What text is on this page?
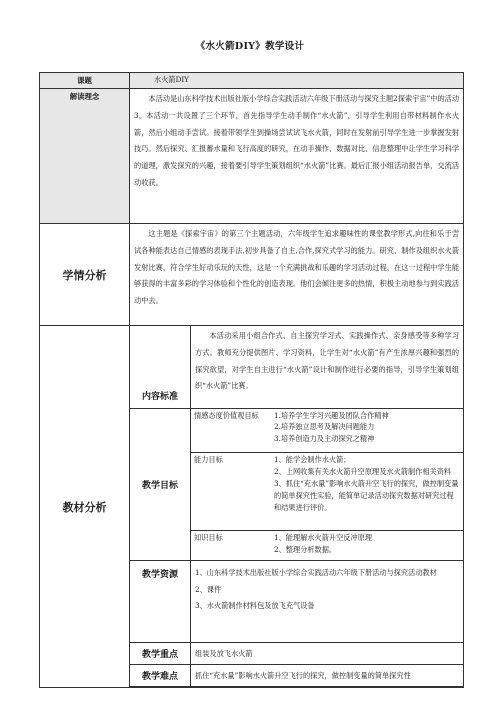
《水火箭DIY》教学设计
课题	水火箭DIY	
解读理念	本活动是山东科学技术出版社版小学综合实践活动六年级下册活动与探究主题2探索宇宙”中的活动3。本活动一共设置了三个环节，首先指导学生动手制作“水火箭”，引导学生利用自带材料制作水火箭，然后小组动手尝试。接着带领学生到操场尝试试飞水火箭，同时在发射前引导学生进一步掌握发射技巧。然后探究、汇报蓄水量和飞行高度的研究，在动手操作、数据对比、信息整理中让学生学习科学的道理，激发探究的兴趣，接着要引导学生策划组织“水火箭”比赛。最后汇报小组活动报告单，交流活动收获。	

学情分析	这主题是《探索宇宙》的第三个主题活动，六年级学生追求趣味性的课堂教学形式,向往和乐于尝试各种能表达自己情感的表现手法,初步具备了自主,合作,探究式学习的能力。研究、制作及组织水火箭发射比赛，符合学生好动乐玩的天性，这是一个充满挑战和乐趣的学习活动过程，在这一过程中学生能够获得的丰富多彩的学习体验和个性化的创造表现。他们会倾注更多的热情，积极主动地参与到实践活动中去。	

教材分析	内容标准	本活动采用小组合作式、自主探究学习式、实践操作式、亲身感受等多种学习方式。教师充分提供图片、学习资料，让学生对“水火箭”有产生浓厚兴趣和强烈的探究欲望，对学生自主进行“水火箭”设计和制作进行必要的指导，引导学生策划组织“水火箭”比赛。

	教学目标	情感态度价值观目标 1.培养学生学习兴趣及团队合作精神

2.培养独立思考及解决问题能力

3.培养创造力及主动探究之精神

		能力目标 1、能学会制作水火箭；

2、上网收集有关水火箭升空原理及水火箭制作相关资料

3、抓住“充水量”影响水火箭升空飞行的探究，做控制变量的简单探究性实验，能简单记录活动探究数据对研究过程和结果进行评价。

		知识目标 1、能理解水火箭升空反冲原理

2、整理分析数据。

	教学资源	1、山东科学技术出版社版小学综合实践活动六年级下册活动与探究活动教材

2、课件

3、水火箭制作材料包及放飞充气设备

	教学重点	组装及放飞水火箭
	教学难点	抓住“充水量”影响水火箭升空飞行的探究，做控制变量的简单探究性
